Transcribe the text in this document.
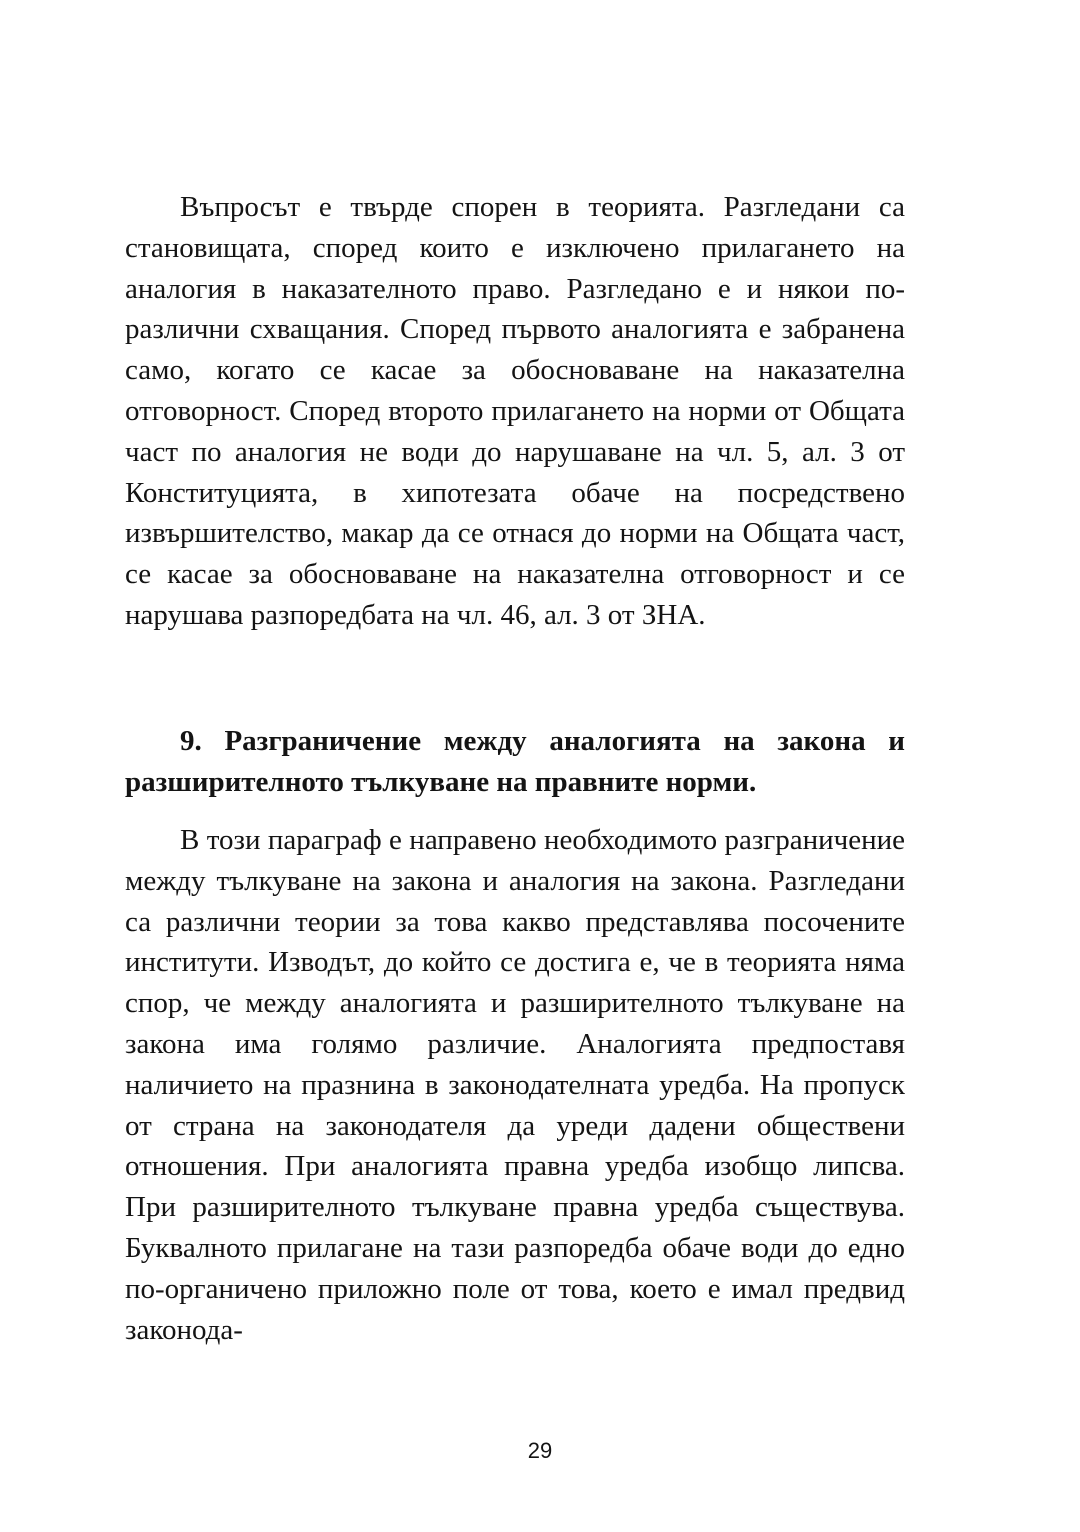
Въпросът е твърде спорен в теорията. Разгледани са становищата, според които е изключено прилагането на аналогия в наказателното право. Разгледано е и някои по-различни схващания. Според първото аналогията е забранена само, когато се касае за обосноваване на наказателна отговорност. Според второто прилагането на норми от Общата част по аналогия не води до нарушаване на чл. 5, ал. 3 от Конституцията, в хипотезата обаче на посредствено извършителство, макар да се отнася до норми на Общата част, се касае за обосноваване на наказателна отговорност и се нарушава разпоредбата на чл. 46, ал. 3 от ЗНА.

9. Разграничение между аналогията на закона и разширителното тълкуване на правните норми.

В този параграф е направено необходимото разграничение между тълкуване на закона и аналогия на закона. Разгледани са различни теории за това какво представлява посочените институти. Изводът, до който се достига е, че в теорията няма спор, че между аналогията и разширителното тълкуване на закона има голямо различие. Аналогията предпоставя наличието на празнина в законодателната уредба. На пропуск от страна на законодателя да уреди дадени обществени отношения. При аналогията правна уредба изобщо липсва. При разширителното тълкуване правна уредба съществува. Буквалното прилагане на тази разпоредба обаче води до едно по-органичено приложно поле от това, което е имал предвид законода-

29
